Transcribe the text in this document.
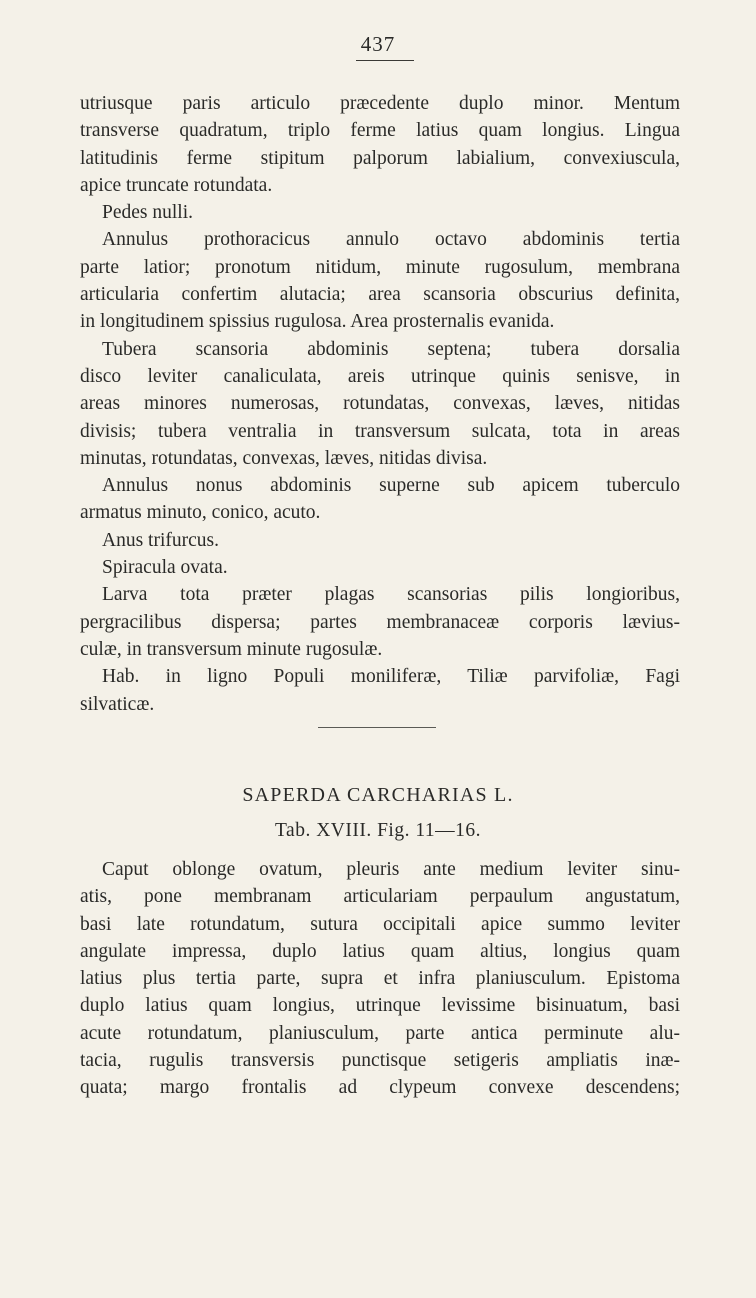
437
utriusque paris articulo præcedente duplo minor. Mentum
transverse quadratum, triplo ferme latius quam longius. Lingua
latitudinis ferme stipitum palporum labialium, convexiuscula,
apice truncate rotundata.
Pedes nulli.
Annulus prothoracicus annulo octavo abdominis tertia
parte latior; pronotum nitidum, minute rugosulum, membrana
articularia confertim alutacia; area scansoria obscurius definita,
in longitudinem spissius rugulosa. Area prosternalis evanida.
Tubera scansoria abdominis septena; tubera dorsalia
disco leviter canaliculata, areis utrinque quinis senisve, in
areas minores numerosas, rotundatas, convexas, læves, nitidas
divisis; tubera ventralia in transversum sulcata, tota in areas
minutas, rotundatas, convexas, læves, nitidas divisa.
Annulus nonus abdominis superne sub apicem tuberculo
armatus minuto, conico, acuto.
Anus trifurcus.
Spiracula ovata.
Larva tota præter plagas scansorias pilis longioribus,
pergracilibus dispersa; partes membranaceæ corporis lævius-
culæ, in transversum minute rugosulæ.
Hab. in ligno Populi moniliferæ, Tiliæ parvifoliæ, Fagi
silvaticæ.
SAPERDA CARCHARIAS L.
Tab. XVIII. Fig. 11—16.
Caput oblonge ovatum, pleuris ante medium leviter sinu-
atis, pone membranam articulariam perpaulum angustatum,
basi late rotundatum, sutura occipitali apice summo leviter
angulate impressa, duplo latius quam altius, longius quam
latius plus tertia parte, supra et infra planiusculum. Epistoma
duplo latius quam longius, utrinque levissime bisinuatum, basi
acute rotundatum, planiusculum, parte antica perminute alu-
tacia, rugulis transversis punctisque setigeris ampliatis inæ-
quata; margo frontalis ad clypeum convexe descendens;
